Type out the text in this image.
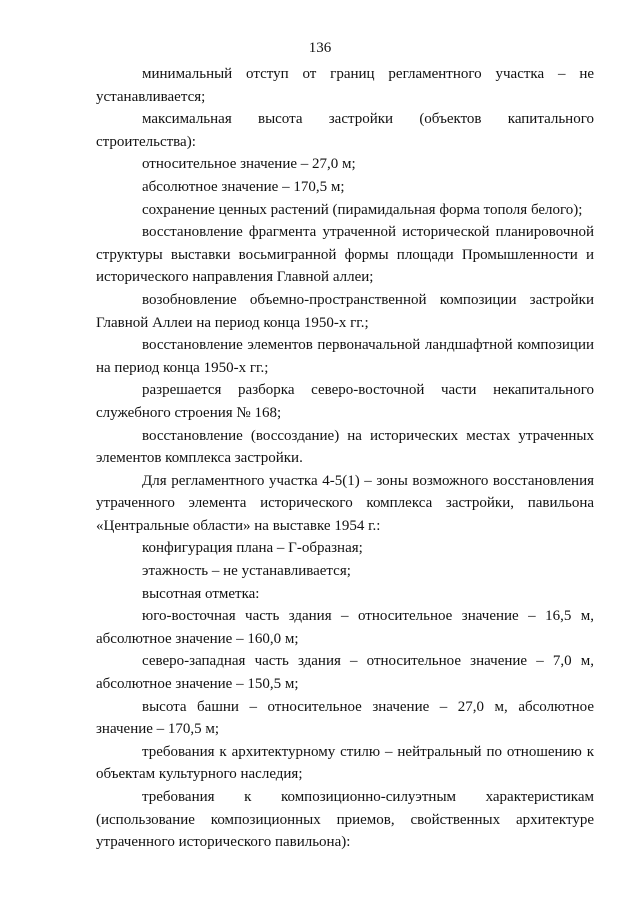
136

минимальный отступ от границ регламентного участка – не устанавливается;

максимальная высота застройки (объектов капитального строительства):

относительное значение – 27,0 м;

абсолютное значение – 170,5 м;

сохранение ценных растений (пирамидальная форма тополя белого);

восстановление фрагмента утраченной исторической планировочной структуры выставки восьмигранной формы площади Промышленности и исторического направления Главной аллеи;

возобновление объемно-пространственной композиции застройки Главной Аллеи на период конца 1950-х гг.;

восстановление элементов первоначальной ландшафтной композиции на период конца 1950-х гг.;

разрешается разборка северо-восточной части некапитального служебного строения № 168;

восстановление (воссоздание) на исторических местах утраченных элементов комплекса застройки.

Для регламентного участка 4-5(1) – зоны возможного восстановления утраченного элемента исторического комплекса застройки, павильона «Центральные области» на выставке 1954 г.:

конфигурация плана – Г-образная;

этажность – не устанавливается;

высотная отметка:

юго-восточная часть здания – относительное значение – 16,5 м, абсолютное значение – 160,0 м;

северо-западная часть здания – относительное значение – 7,0 м, абсолютное значение – 150,5 м;

высота башни – относительное значение – 27,0 м, абсолютное значение – 170,5 м;

требования к архитектурному стилю – нейтральный по отношению к объектам культурного наследия;

требования к композиционно-силуэтным характеристикам (использование композиционных приемов, свойственных архитектуре утраченного исторического павильона):
